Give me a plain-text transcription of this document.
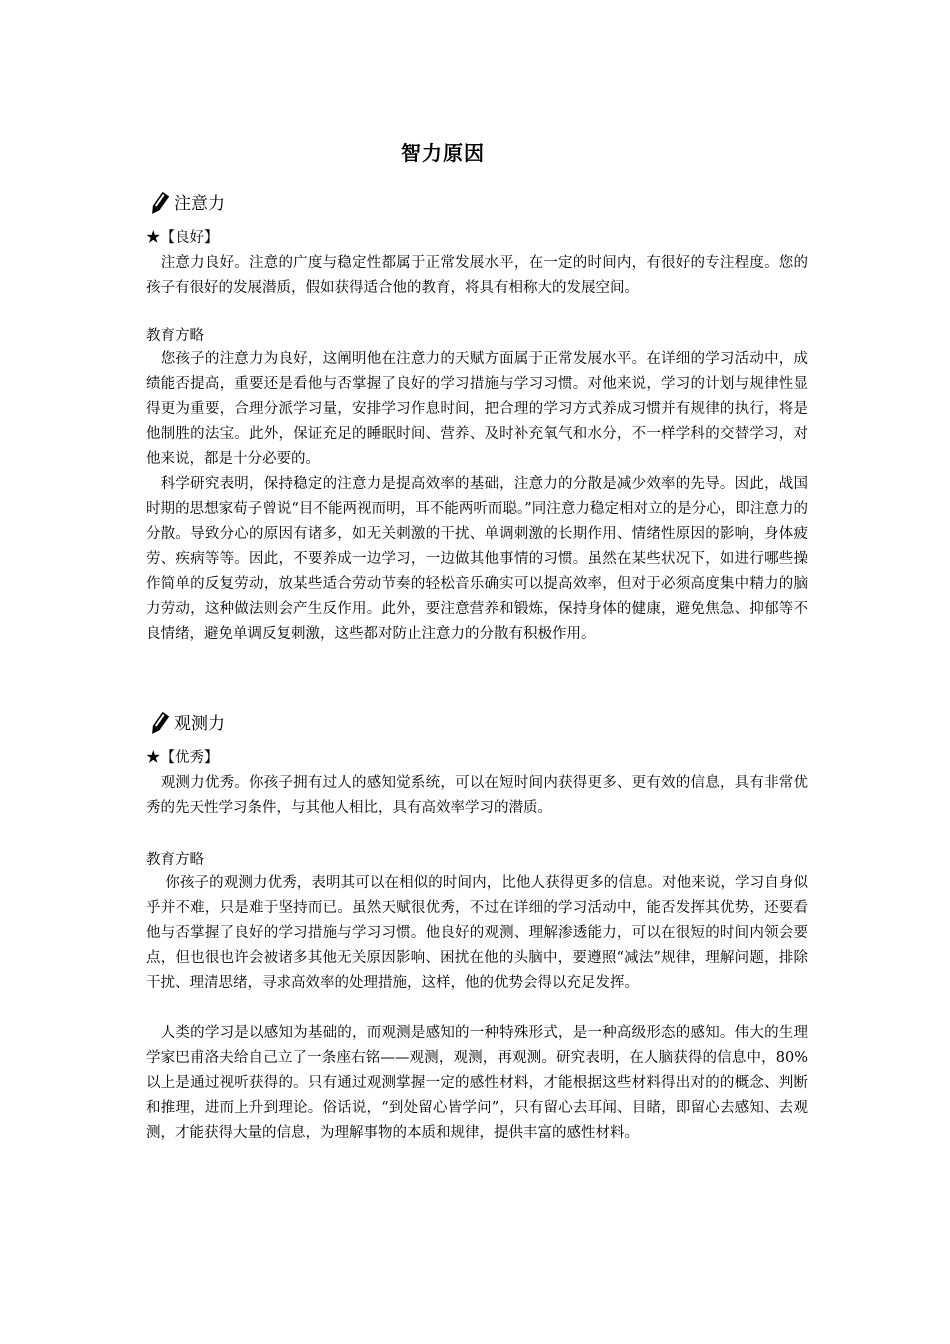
智力原因
注意力
★【良好】

　注意力良好。注意的广度与稳定性都属于正常发展水平，在一定的时间内，有很好的专注程度。您的孩子有很好的发展潜质，假如获得适合他的教育，将具有相称大的发展空间。

教育方略

　您孩子的注意力为良好，这阐明他在注意力的天赋方面属于正常发展水平。在详细的学习活动中，成绩能否提高，重要还是看他与否掌握了良好的学习措施与学习习惯。对他来说，学习的计划与规律性显得更为重要，合理分派学习量，安排学习作息时间，把合理的学习方式养成习惯并有规律的执行，将是他制胜的法宝。此外，保证充足的睡眠时间、营养、及时补充氧气和水分，不一样学科的交替学习，对他来说，都是十分必要的。

　科学研究表明，保持稳定的注意力是提高效率的基础，注意力的分散是减少效率的先导。因此，战国时期的思想家荀子曾说“目不能两视而明，耳不能两听而聪。”同注意力稳定相对立的是分心，即注意力的分散。导致分心的原因有诸多，如无关刺激的干扰、单调刺激的长期作用、情绪性原因的影响，身体疲劳、疾病等等。因此，不要养成一边学习，一边做其他事情的习惯。虽然在某些状况下，如进行哪些操作简单的反复劳动，放某些适合劳动节奏的轻松音乐确实可以提高效率，但对于必须高度集中精力的脑力劳动，这种做法则会产生反作用。此外，要注意营养和锻炼，保持身体的健康，避免焦急、抑郁等不良情绪，避免单调反复刺激，这些都对防止注意力的分散有积极作用。

观测力
★【优秀】

　观测力优秀。你孩子拥有过人的感知觉系统，可以在短时间内获得更多、更有效的信息，具有非常优秀的先天性学习条件，与其他人相比，具有高效率学习的潜质。

教育方略

　 你孩子的观测力优秀，表明其可以在相似的时间内，比他人获得更多的信息。对他来说，学习自身似乎并不难，只是难于坚持而已。虽然天赋很优秀，不过在详细的学习活动中，能否发挥其优势，还要看他与否掌握了良好的学习措施与学习习惯。他良好的观测、理解渗透能力，可以在很短的时间内领会要点，但也很也许会被诸多其他无关原因影响、困扰在他的头脑中，要遵照“减法”规律，理解问题，排除干扰、理清思绪，寻求高效率的处理措施，这样，他的优势会得以充足发挥。

　人类的学习是以感知为基础的，而观测是感知的一种特殊形式，是一种高级形态的感知。伟大的生理学家巴甫洛夫给自己立了一条座右铭——观测，观测，再观测。研究表明，在人脑获得的信息中，80%以上是通过视听获得的。只有通过观测掌握一定的感性材料，才能根据这些材料得出对的的概念、判断和推理，进而上升到理论。俗话说，“到处留心皆学问”，只有留心去耳闻、目睹，即留心去感知、去观测，才能获得大量的信息，为理解事物的本质和规律，提供丰富的感性材料。
